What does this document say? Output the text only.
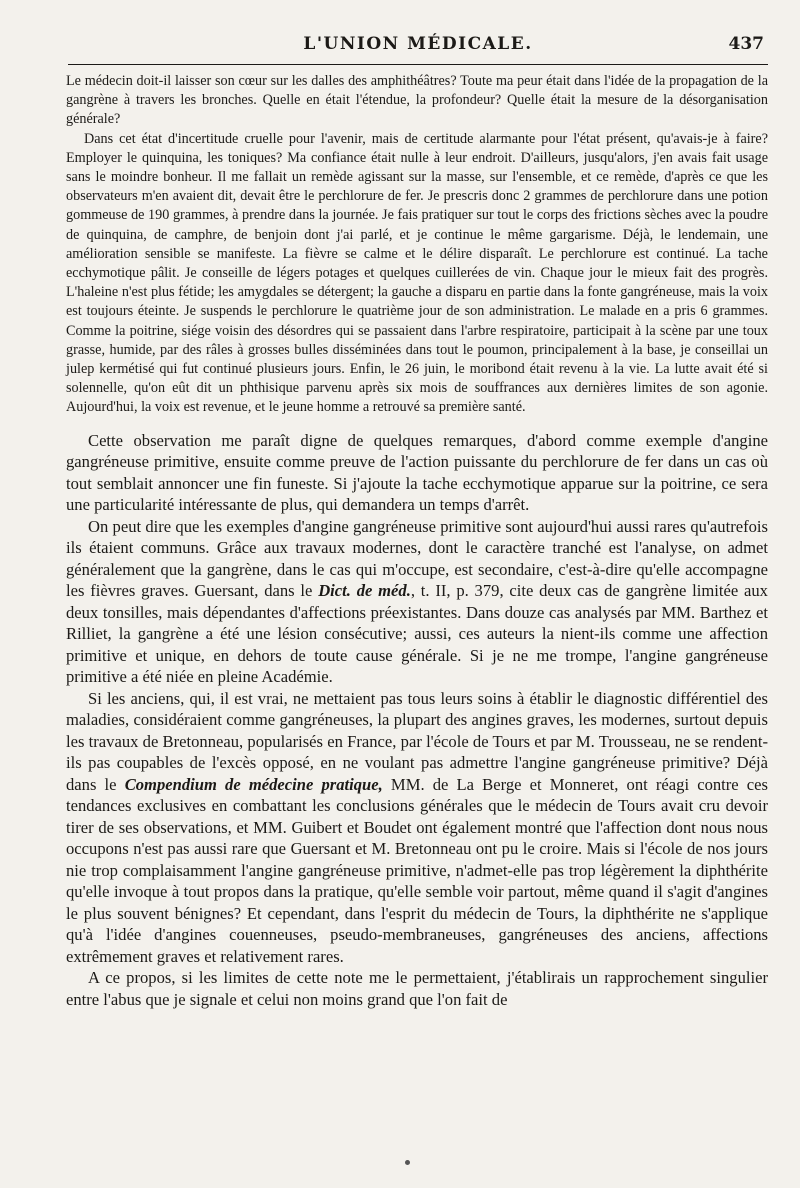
L'UNION MÉDICALE.	437

Le médecin doit-il laisser son cœur sur les dalles des amphithéâtres? Toute ma peur était dans l'idée de la propagation de la gangrène à travers les bronches. Quelle en était l'étendue, la profondeur? Quelle était la mesure de la désorganisation générale?

Dans cet état d'incertitude cruelle pour l'avenir, mais de certitude alarmante pour l'état présent, qu'avais-je à faire? Employer le quinquina, les toniques? Ma confiance était nulle à leur endroit. D'ailleurs, jusqu'alors, j'en avais fait usage sans le moindre bonheur. Il me fallait un remède agissant sur la masse, sur l'ensemble, et ce remède, d'après ce que les observateurs m'en avaient dit, devait être le perchlorure de fer. Je prescris donc 2 grammes de perchlorure dans une potion gommeuse de 190 grammes, à prendre dans la journée. Je fais pratiquer sur tout le corps des frictions sèches avec la poudre de quinquina, de camphre, de benjoin dont j'ai parlé, et je continue le même gargarisme. Déjà, le lendemain, une amélioration sensible se manifeste. La fièvre se calme et le délire disparaît. Le perchlorure est continué. La tache ecchymotique pâlit. Je conseille de légers potages et quelques cuillerées de vin. Chaque jour le mieux fait des progrès. L'haleine n'est plus fétide; les amygdales se détergent; la gauche a disparu en partie dans la fonte gangréneuse, mais la voix est toujours éteinte. Je suspends le perchlorure le quatrième jour de son administration. Le malade en a pris 6 grammes. Comme la poitrine, siége voisin des désordres qui se passaient dans l'arbre respiratoire, participait à la scène par une toux grasse, humide, par des râles à grosses bulles disséminées dans tout le poumon, principalement à la base, je conseillai un julep kermétisé qui fut continué plusieurs jours. Enfin, le 26 juin, le moribond était revenu à la vie. La lutte avait été si solennelle, qu'on eût dit un phthisique parvenu après six mois de souffrances aux dernières limites de son agonie. Aujourd'hui, la voix est revenue, et le jeune homme a retrouvé sa première santé.

Cette observation me paraît digne de quelques remarques, d'abord comme exemple d'angine gangréneuse primitive, ensuite comme preuve de l'action puissante du perchlorure de fer dans un cas où tout semblait annoncer une fin funeste. Si j'ajoute la tache ecchymotique apparue sur la poitrine, ce sera une particularité intéressante de plus, qui demandera un temps d'arrêt.

On peut dire que les exemples d'angine gangréneuse primitive sont aujourd'hui aussi rares qu'autrefois ils étaient communs. Grâce aux travaux modernes, dont le caractère tranché est l'analyse, on admet généralement que la gangrène, dans le cas qui m'occupe, est secondaire, c'est-à-dire qu'elle accompagne les fièvres graves. Guersant, dans le Dict. de méd., t. II, p. 379, cite deux cas de gangrène limitée aux deux tonsilles, mais dépendantes d'affections préexistantes. Dans douze cas analysés par MM. Barthez et Rilliet, la gangrène a été une lésion consécutive; aussi, ces auteurs la nient-ils comme une affection primitive et unique, en dehors de toute cause générale. Si je ne me trompe, l'angine gangréneuse primitive a été niée en pleine Académie.

Si les anciens, qui, il est vrai, ne mettaient pas tous leurs soins à établir le diagnostic différentiel des maladies, considéraient comme gangréneuses, la plupart des angines graves, les modernes, surtout depuis les travaux de Bretonneau, popularisés en France, par l'école de Tours et par M. Trousseau, ne se rendent-ils pas coupables de l'excès opposé, en ne voulant pas admettre l'angine gangréneuse primitive? Déjà dans le Compendium de médecine pratique, MM. de La Berge et Monneret, ont réagi contre ces tendances exclusives en combattant les conclusions générales que le médecin de Tours avait cru devoir tirer de ses observations, et MM. Guibert et Boudet ont également montré que l'affection dont nous nous occupons n'est pas aussi rare que Guersant et M. Bretonneau ont pu le croire. Mais si l'école de nos jours nie trop complaisamment l'angine gangréneuse primitive, n'admet-elle pas trop légèrement la diphthérite qu'elle invoque à tout propos dans la pratique, qu'elle semble voir partout, même quand il s'agit d'angines le plus souvent bénignes? Et cependant, dans l'esprit du médecin de Tours, la diphthérite ne s'applique qu'à l'idée d'angines couenneuses, pseudo-membraneuses, gangréneuses des anciens, affections extrêmement graves et relativement rares.

A ce propos, si les limites de cette note me le permettaient, j'établirais un rapprochement singulier entre l'abus que je signale et celui non moins grand que l'on fait de
